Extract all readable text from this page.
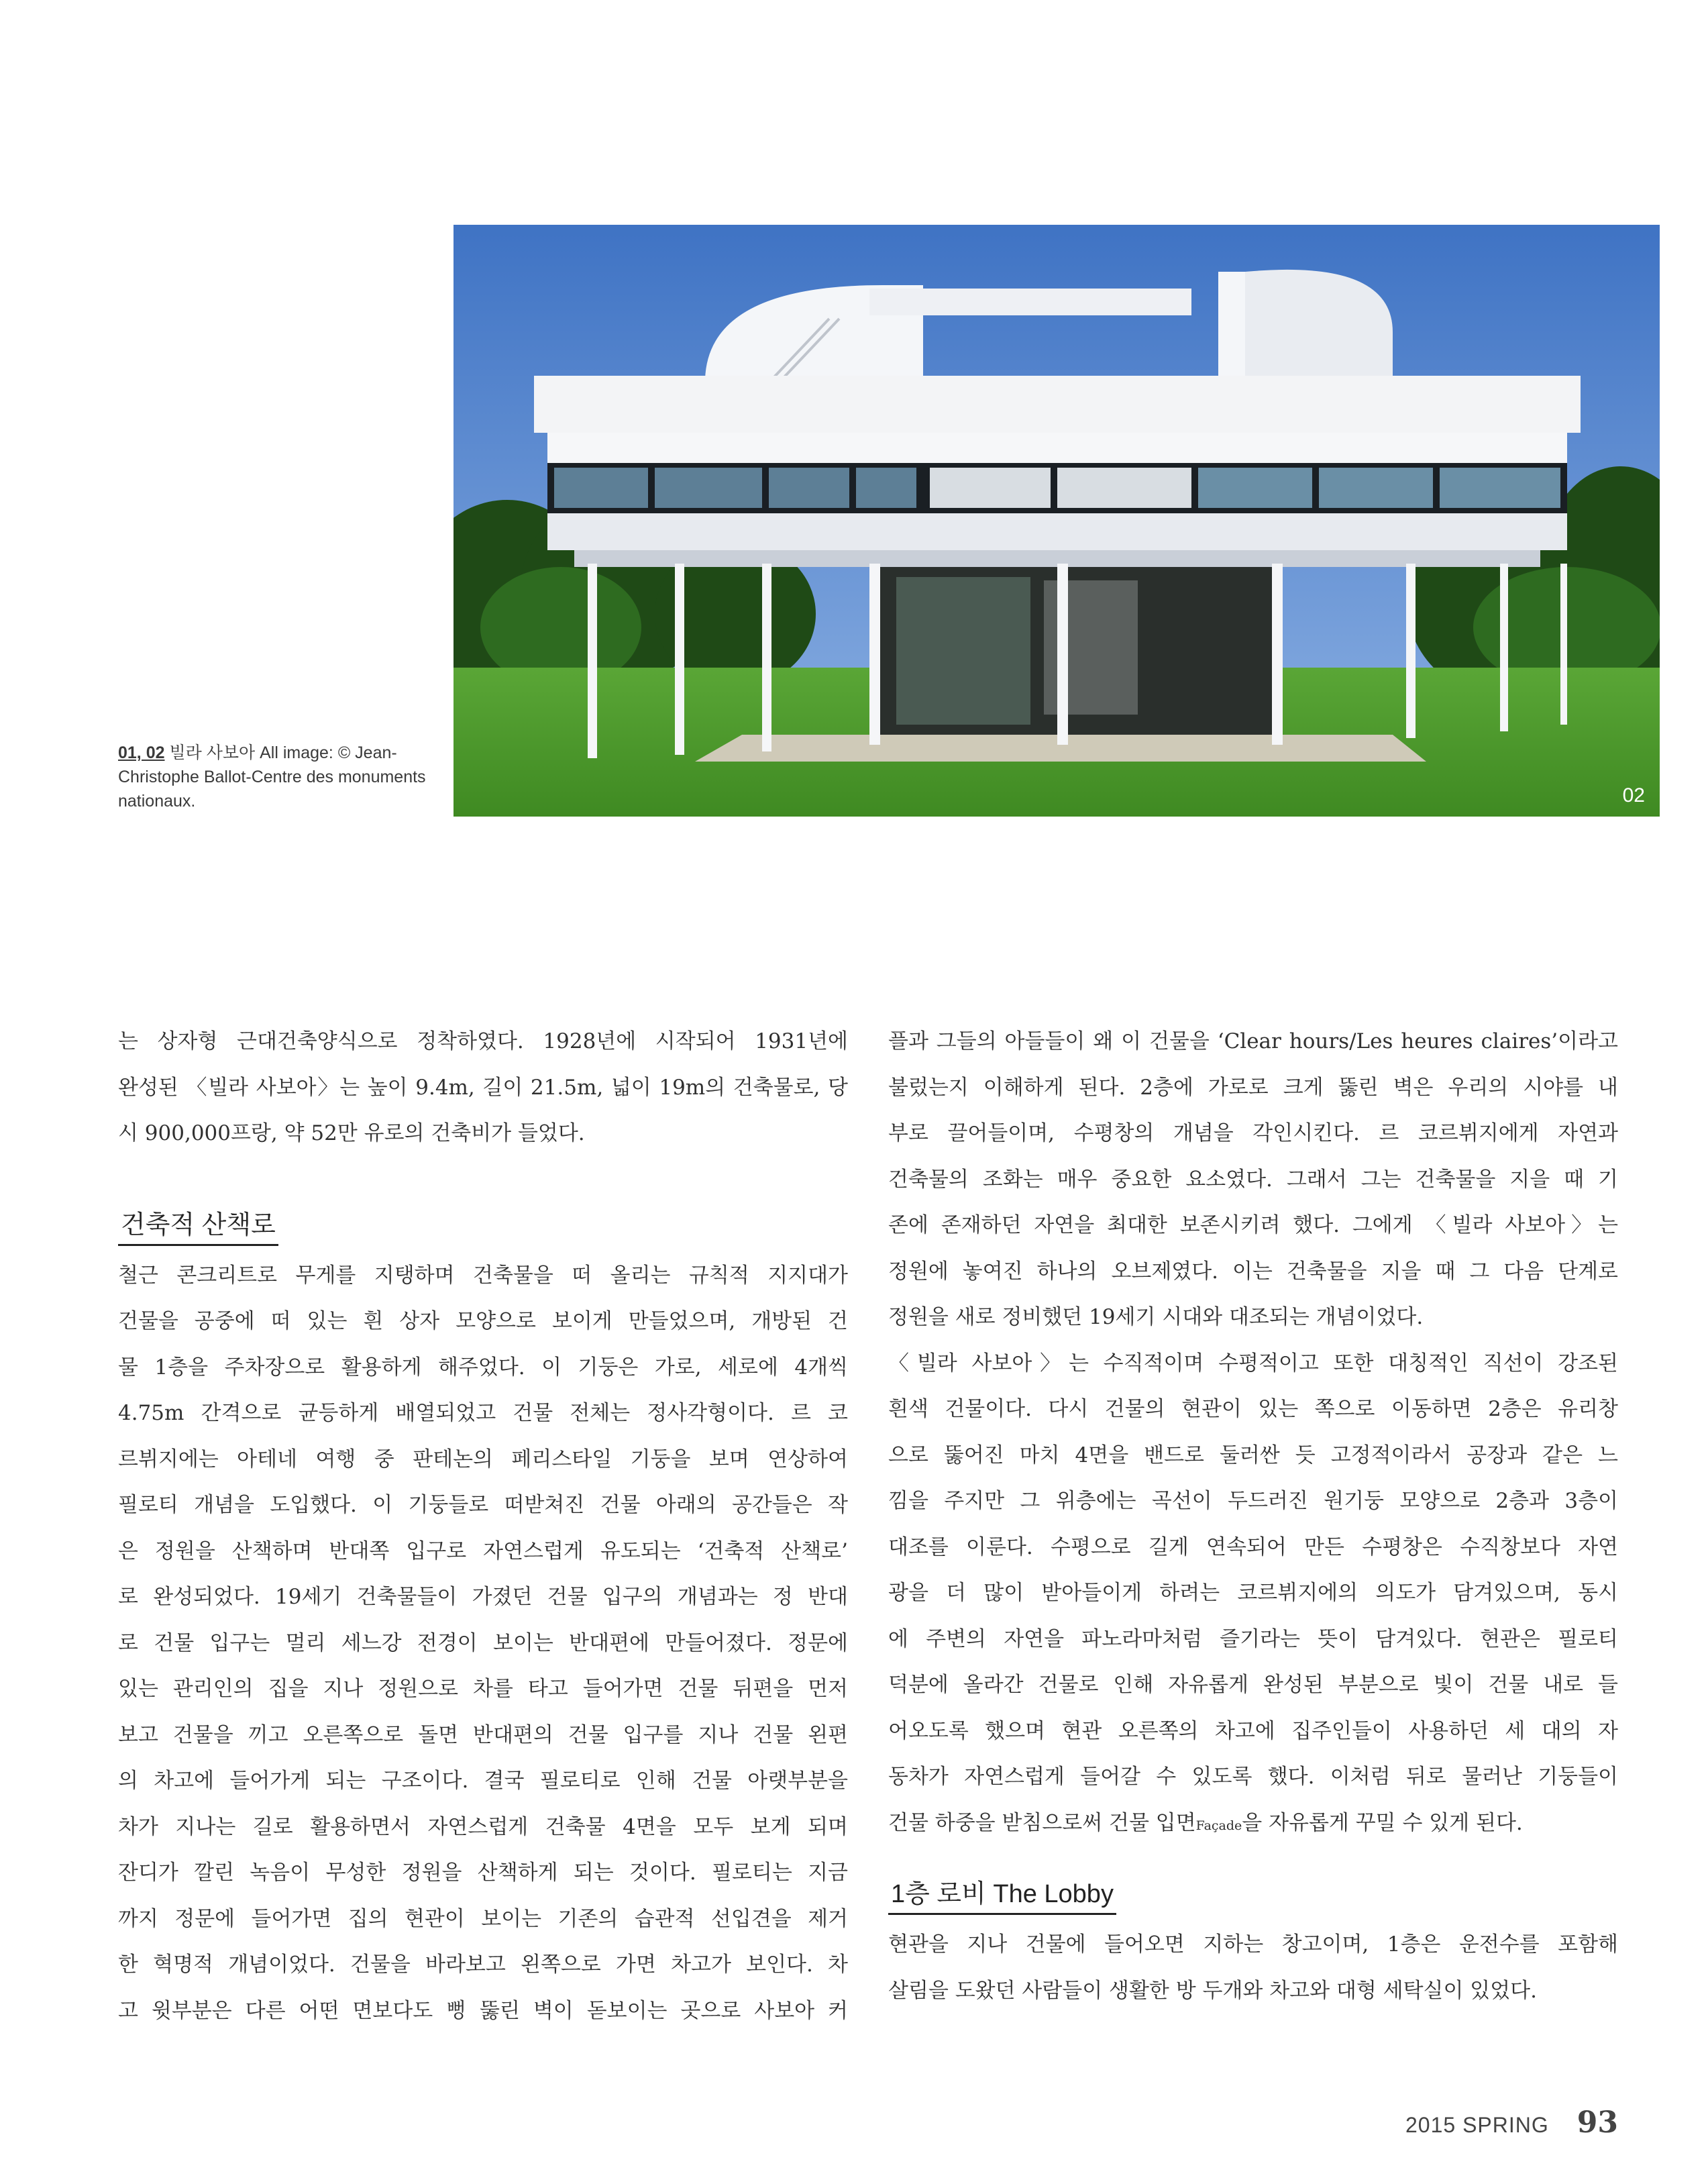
02
01, 02 빌라 사보아 All image: © Jean-Christophe Ballot-Centre des monuments nationaux.

는 상자형 근대건축양식으로 정착하였다. 1928년에 시작되어 1931년에

완성된 〈빌라 사보아〉는 높이 9.4m, 길이 21.5m, 넓이 19m의 건축물로, 당

시 900,000프랑, 약 52만 유로의 건축비가 들었다.

건축적 산책로

철근 콘크리트로 무게를 지탱하며 건축물을 떠 올리는 규칙적 지지대가

건물을 공중에 떠 있는 흰 상자 모양으로 보이게 만들었으며, 개방된 건

물 1층을 주차장으로 활용하게 해주었다. 이 기둥은 가로, 세로에 4개씩

4.75m 간격으로 균등하게 배열되었고 건물 전체는 정사각형이다. 르 코

르뷔지에는 아테네 여행 중 판테논의 페리스타일 기둥을 보며 연상하여

필로티 개념을 도입했다. 이 기둥들로 떠받쳐진 건물 아래의 공간들은 작

은 정원을 산책하며 반대쪽 입구로 자연스럽게 유도되는 ‘건축적 산책로’

로 완성되었다. 19세기 건축물들이 가졌던 건물 입구의 개념과는 정 반대

로 건물 입구는 멀리 세느강 전경이 보이는 반대편에 만들어졌다. 정문에

있는 관리인의 집을 지나 정원으로 차를 타고 들어가면 건물 뒤편을 먼저

보고 건물을 끼고 오른쪽으로 돌면 반대편의 건물 입구를 지나 건물 왼편

의 차고에 들어가게 되는 구조이다. 결국 필로티로 인해 건물 아랫부분을

차가 지나는 길로 활용하면서 자연스럽게 건축물 4면을 모두 보게 되며

잔디가 깔린 녹음이 무성한 정원을 산책하게 되는 것이다. 필로티는 지금

까지 정문에 들어가면 집의 현관이 보이는 기존의 습관적 선입견을 제거

한 혁명적 개념이었다. 건물을 바라보고 왼쪽으로 가면 차고가 보인다. 차

고 윗부분은 다른 어떤 면보다도 뻥 뚫린 벽이 돋보이는 곳으로 사보아 커

플과 그들의 아들들이 왜 이 건물을 ‘Clear hours/Les heures claires’이라고

불렀는지 이해하게 된다. 2층에 가로로 크게 뚫린 벽은 우리의 시야를 내

부로 끌어들이며, 수평창의 개념을 각인시킨다. 르 코르뷔지에게 자연과

건축물의 조화는 매우 중요한 요소였다. 그래서 그는 건축물을 지을 때 기

존에 존재하던 자연을 최대한 보존시키려 했다. 그에게 〈빌라 사보아〉는

정원에 놓여진 하나의 오브제였다. 이는 건축물을 지을 때 그 다음 단계로

정원을 새로 정비했던 19세기 시대와 대조되는 개념이었다.

〈빌라 사보아〉는 수직적이며 수평적이고 또한 대칭적인 직선이 강조된

흰색 건물이다. 다시 건물의 현관이 있는 쪽으로 이동하면 2층은 유리창

으로 뚫어진 마치 4면을 밴드로 둘러싼 듯 고정적이라서 공장과 같은 느

낌을 주지만 그 위층에는 곡선이 두드러진 원기둥 모양으로 2층과 3층이

대조를 이룬다. 수평으로 길게 연속되어 만든 수평창은 수직창보다 자연

광을 더 많이 받아들이게 하려는 코르뷔지에의 의도가 담겨있으며, 동시

에 주변의 자연을 파노라마처럼 즐기라는 뜻이 담겨있다. 현관은 필로티

덕분에 올라간 건물로 인해 자유롭게 완성된 부분으로 빛이 건물 내로 들

어오도록 했으며 현관 오른쪽의 차고에 집주인들이 사용하던 세 대의 자

동차가 자연스럽게 들어갈 수 있도록 했다. 이처럼 뒤로 물러난 기둥들이

건물 하중을 받침으로써 건물 입면Façade을 자유롭게 꾸밀 수 있게 된다.

1층 로비 The Lobby

현관을 지나 건물에 들어오면 지하는 창고이며, 1층은 운전수를 포함해

살림을 도왔던 사람들이 생활한 방 두개와 차고와 대형 세탁실이 있었다.

2015 SPRING 93
